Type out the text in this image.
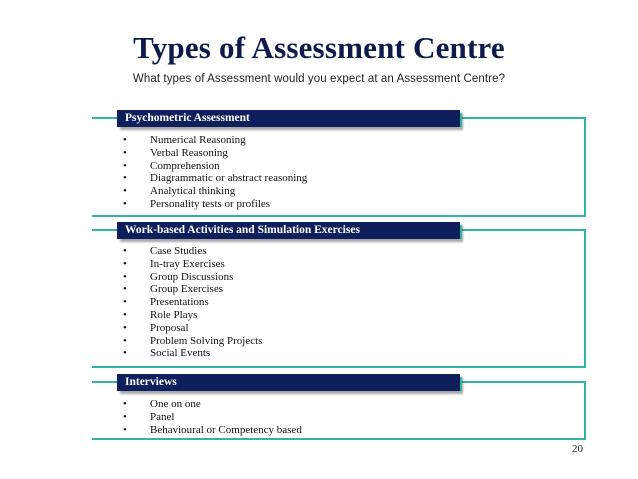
Types of Assessment Centre
What types of Assessment would you expect at an Assessment Centre?
Psychometric Assessment
• Numerical Reasoning
• Verbal Reasoning
• Comprehension
• Diagrammatic or abstract reasoning
• Analytical thinking
• Personality tests or profiles
Work-based Activities and Simulation Exercises
• Case Studies
• In-tray Exercises
• Group Discussions
• Group Exercises
• Presentations
• Role Plays
• Proposal
• Problem Solving Projects
• Social Events
Interviews
• One on one
• Panel
• Behavioural or Competency based
20
